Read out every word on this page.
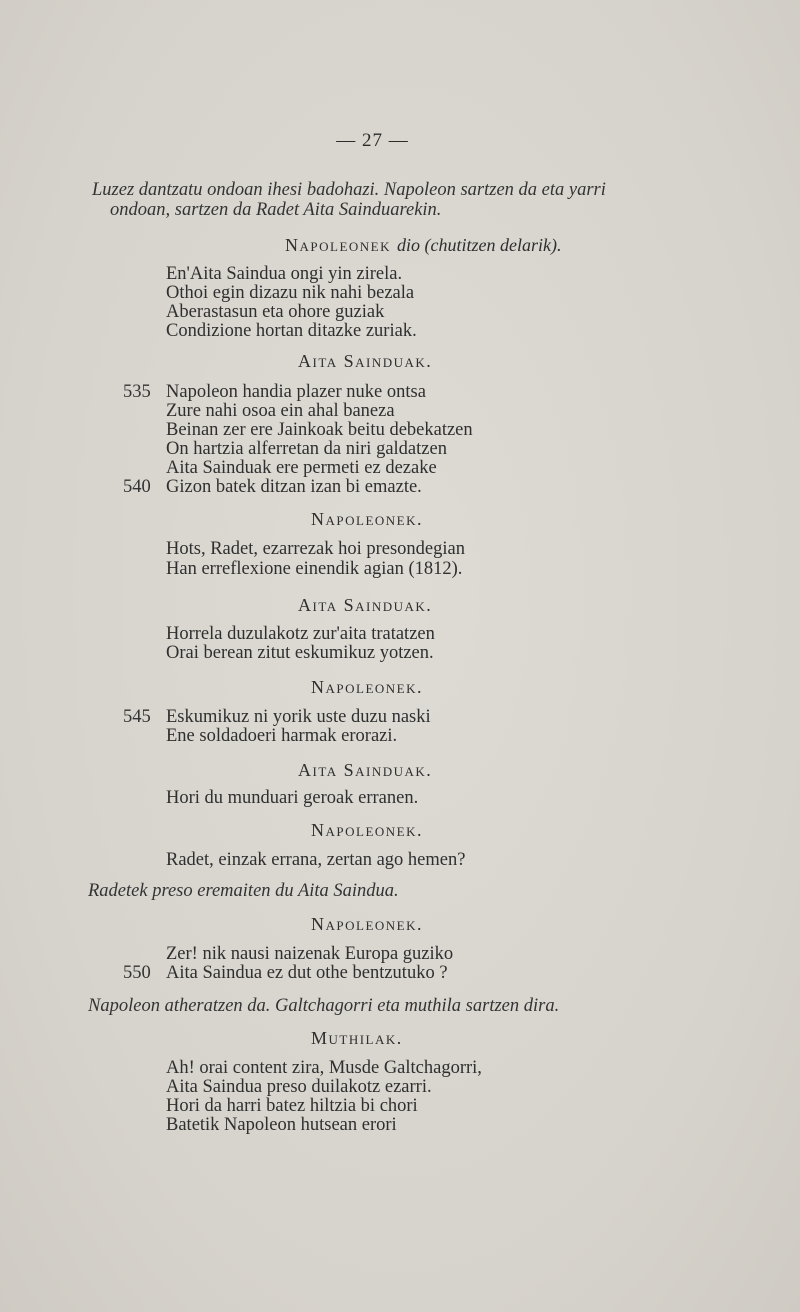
— 27 —
Luzez dantzatu ondoan ihesi badohazi. Napoleon sartzen da eta yarri
ondoan, sartzen da Radet Aita Sainduarekin.
Napoleonek dio (chutitzen delarik).
En'Aita Saindua ongi yin zirela.
Othoi egin dizazu nik nahi bezala
Aberastasun eta ohore guziak
Condizione hortan ditazke zuriak.
Aita Sainduak.
535 Napoleon handia plazer nuke ontsa
Zure nahi osoa ein ahal baneza
Beinan zer ere Jainkoak beitu debekatzen
On hartzia alferretan da niri galdatzen
Aita Sainduak ere permeti ez dezake
540 Gizon batek ditzan izan bi emazte.
Napoleonek.
Hots, Radet, ezarrezak hoi presondegian
Han erreflexione einendik agian (1812).
Aita Sainduak.
Horrela duzulakotz zur'aita tratatzen
Orai berean zitut eskumikuz yotzen.
Napoleonek.
545 Eskumikuz ni yorik uste duzu naski
Ene soldadoeri harmak erorazi.
Aita Sainduak.
Hori du munduari geroak erranen.
Napoleonek.
Radet, einzak errana, zertan ago hemen?
Radetek preso eremaiten du Aita Saindua.
Napoleonek.
Zer! nik nausi naizenak Europa guziko
550 Aita Saindua ez dut othe bentzutuko ?
Napoleon atheratzen da. Galtchagorri eta muthila sartzen dira.
Muthilak.
Ah! orai content zira, Musde Galtchagorri,
Aita Saindua preso duilakotz ezarri.
Hori da harri batez hiltzia bi chori
Batetik Napoleon hutsean erori
